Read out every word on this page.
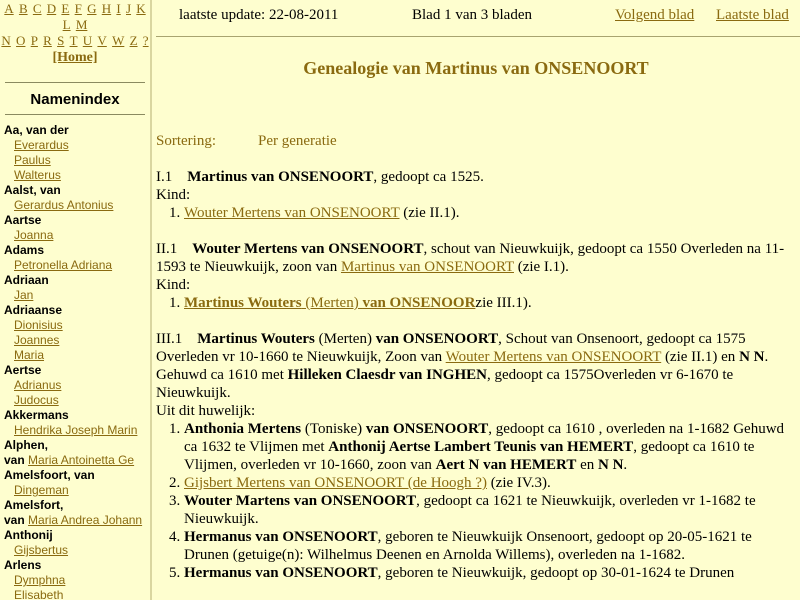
A B C D E F G H I J K L M
N O P R S T U V W Z ?
[Home]
Namenindex
Aa, van der
Everardus
Paulus
Walterus
Aalst, van
Gerardus Antonius
Aartse
Joanna
Adams
Petronella Adriana
Adriaan
Jan
Adriaanse
Dionisius
Joannes
Maria
Aertse
Adrianus
Judocus
Akkermans
Hendrika Joseph Marin
Alphen,
van Maria Antoinetta Ge
Amelsfoort, van
Dingeman
Amelsfort,
van Maria Andrea Johann
Anthonij
Gijsbertus
Arlens
Dymphna
Elisabeth
laatste update: 22-08-2011	Blad 1 van 3 bladen	Volgend blad Laatste blad
Genealogie van Martinus van ONSENOORT
Sortering:	Per generatie

I.1 Martinus van ONSENOORT, gedoopt ca 1525.

Kind:

1. Wouter Mertens van ONSENOORT (zie II.1).

II.1 Wouter Mertens van ONSENOORT, schout van Nieuwkuijk, gedoopt ca 1550 Overleden na 11-1593 te Nieuwkuijk, zoon van Martinus van ONSENOORT (zie I.1).

Kind:

1. Martinus Wouters (Merten) van ONSENOORzie III.1).

III.1 Martinus Wouters (Merten) van ONSENOORT, Schout van Onsenoort, gedoopt ca 1575 Overleden vr 10-1660 te Nieuwkuijk, Zoon van Wouter Mertens van ONSENOORT (zie II.1) en N N.

Gehuwd ca 1610 met Hilleken Claesdr van INGHEN, gedoopt ca 1575Overleden vr 6-1670 te Nieuwkuijk.

Uit dit huwelijk:

1. Anthonia Mertens (Toniske) van ONSENOORT, gedoopt ca 1610 , overleden na 1-1682 Gehuwd ca 1632 te Vlijmen met Anthonij Aertse Lambert Teunis van HEMERT, gedoopt ca 1610 te Vlijmen, overleden vr 10-1660, zoon van Aert N van HEMERT en N N.
2. Gijsbert Mertens van ONSENOORT (de Hoogh ?) (zie IV.3).
3. Wouter Martens van ONSENOORT, gedoopt ca 1621 te Nieuwkuijk, overleden vr 1-1682 te Nieuwkuijk.
4. Hermanus van ONSENOORT, geboren te Nieuwkuijk Onsenoort, gedoopt op 20-05-1621 te Drunen (getuige(n): Wilhelmus Deenen en Arnolda Willems), overleden na 1-1682.
5. Hermanus van ONSENOORT, geboren te Nieuwkuijk, gedoopt op 30-01-1624 te Drunen
